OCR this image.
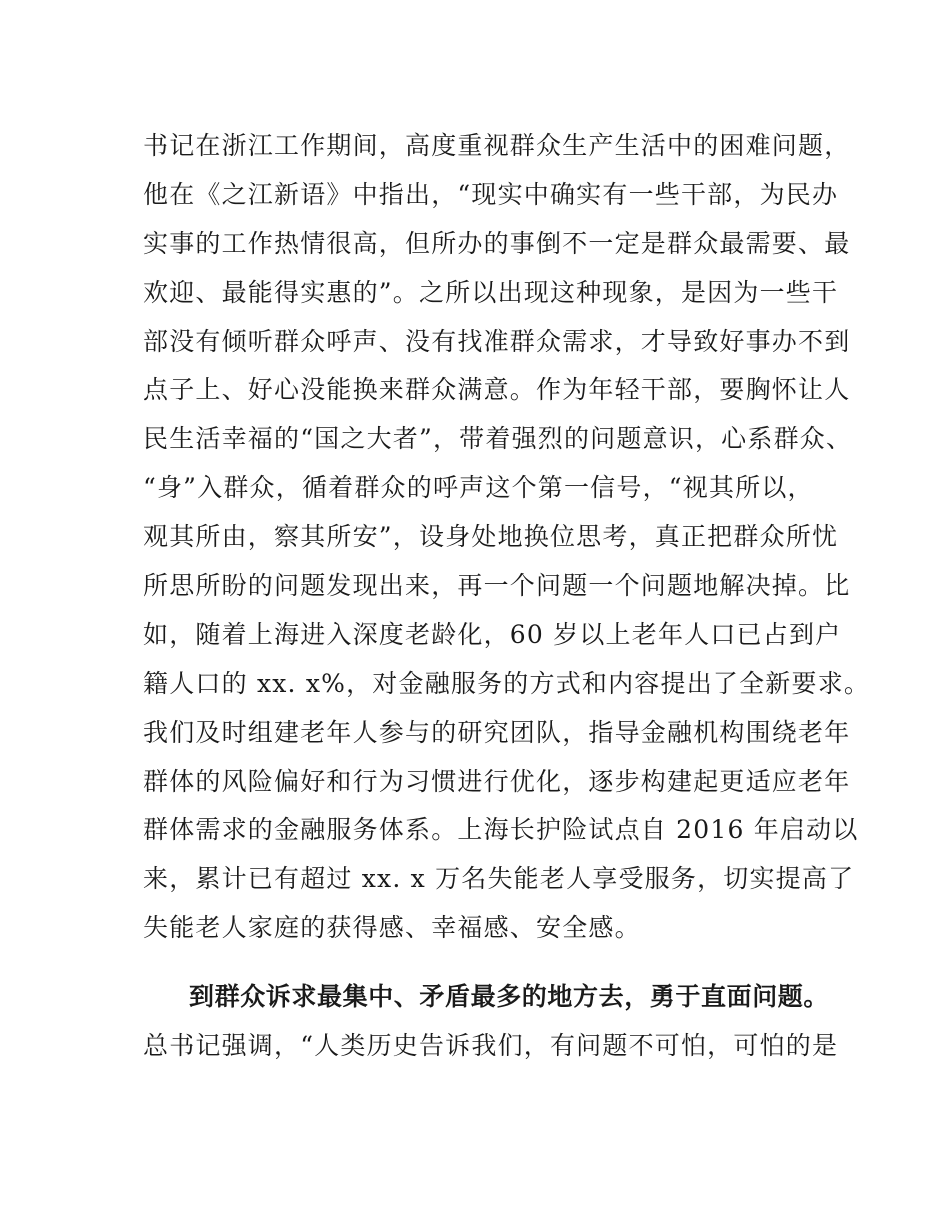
书记在浙江工作期间，高度重视群众生产生活中的困难问题，
他在《之江新语》中指出，“现实中确实有一些干部，为民办
实事的工作热情很高，但所办的事倒不一定是群众最需要、最
欢迎、最能得实惠的”。之所以出现这种现象，是因为一些干
部没有倾听群众呼声、没有找准群众需求，才导致好事办不到
点子上、好心没能换来群众满意。作为年轻干部，要胸怀让人
民生活幸福的“国之大者”，带着强烈的问题意识，心系群众、
“身”入群众，循着群众的呼声这个第一信号，“视其所以，
观其所由，察其所安”，设身处地换位思考，真正把群众所忧
所思所盼的问题发现出来，再一个问题一个问题地解决掉。比
如，随着上海进入深度老龄化，60 岁以上老年人口已占到户
籍人口的 xx. x%，对金融服务的方式和内容提出了全新要求。
我们及时组建老年人参与的研究团队，指导金融机构围绕老年
群体的风险偏好和行为习惯进行优化，逐步构建起更适应老年
群体需求的金融服务体系。上海长护险试点自 2016 年启动以
来，累计已有超过 xx. x 万名失能老人享受服务，切实提高了
失能老人家庭的获得感、幸福感、安全感。
到群众诉求最集中、矛盾最多的地方去，勇于直面问题。
总书记强调，“人类历史告诉我们，有问题不可怕，可怕的是
